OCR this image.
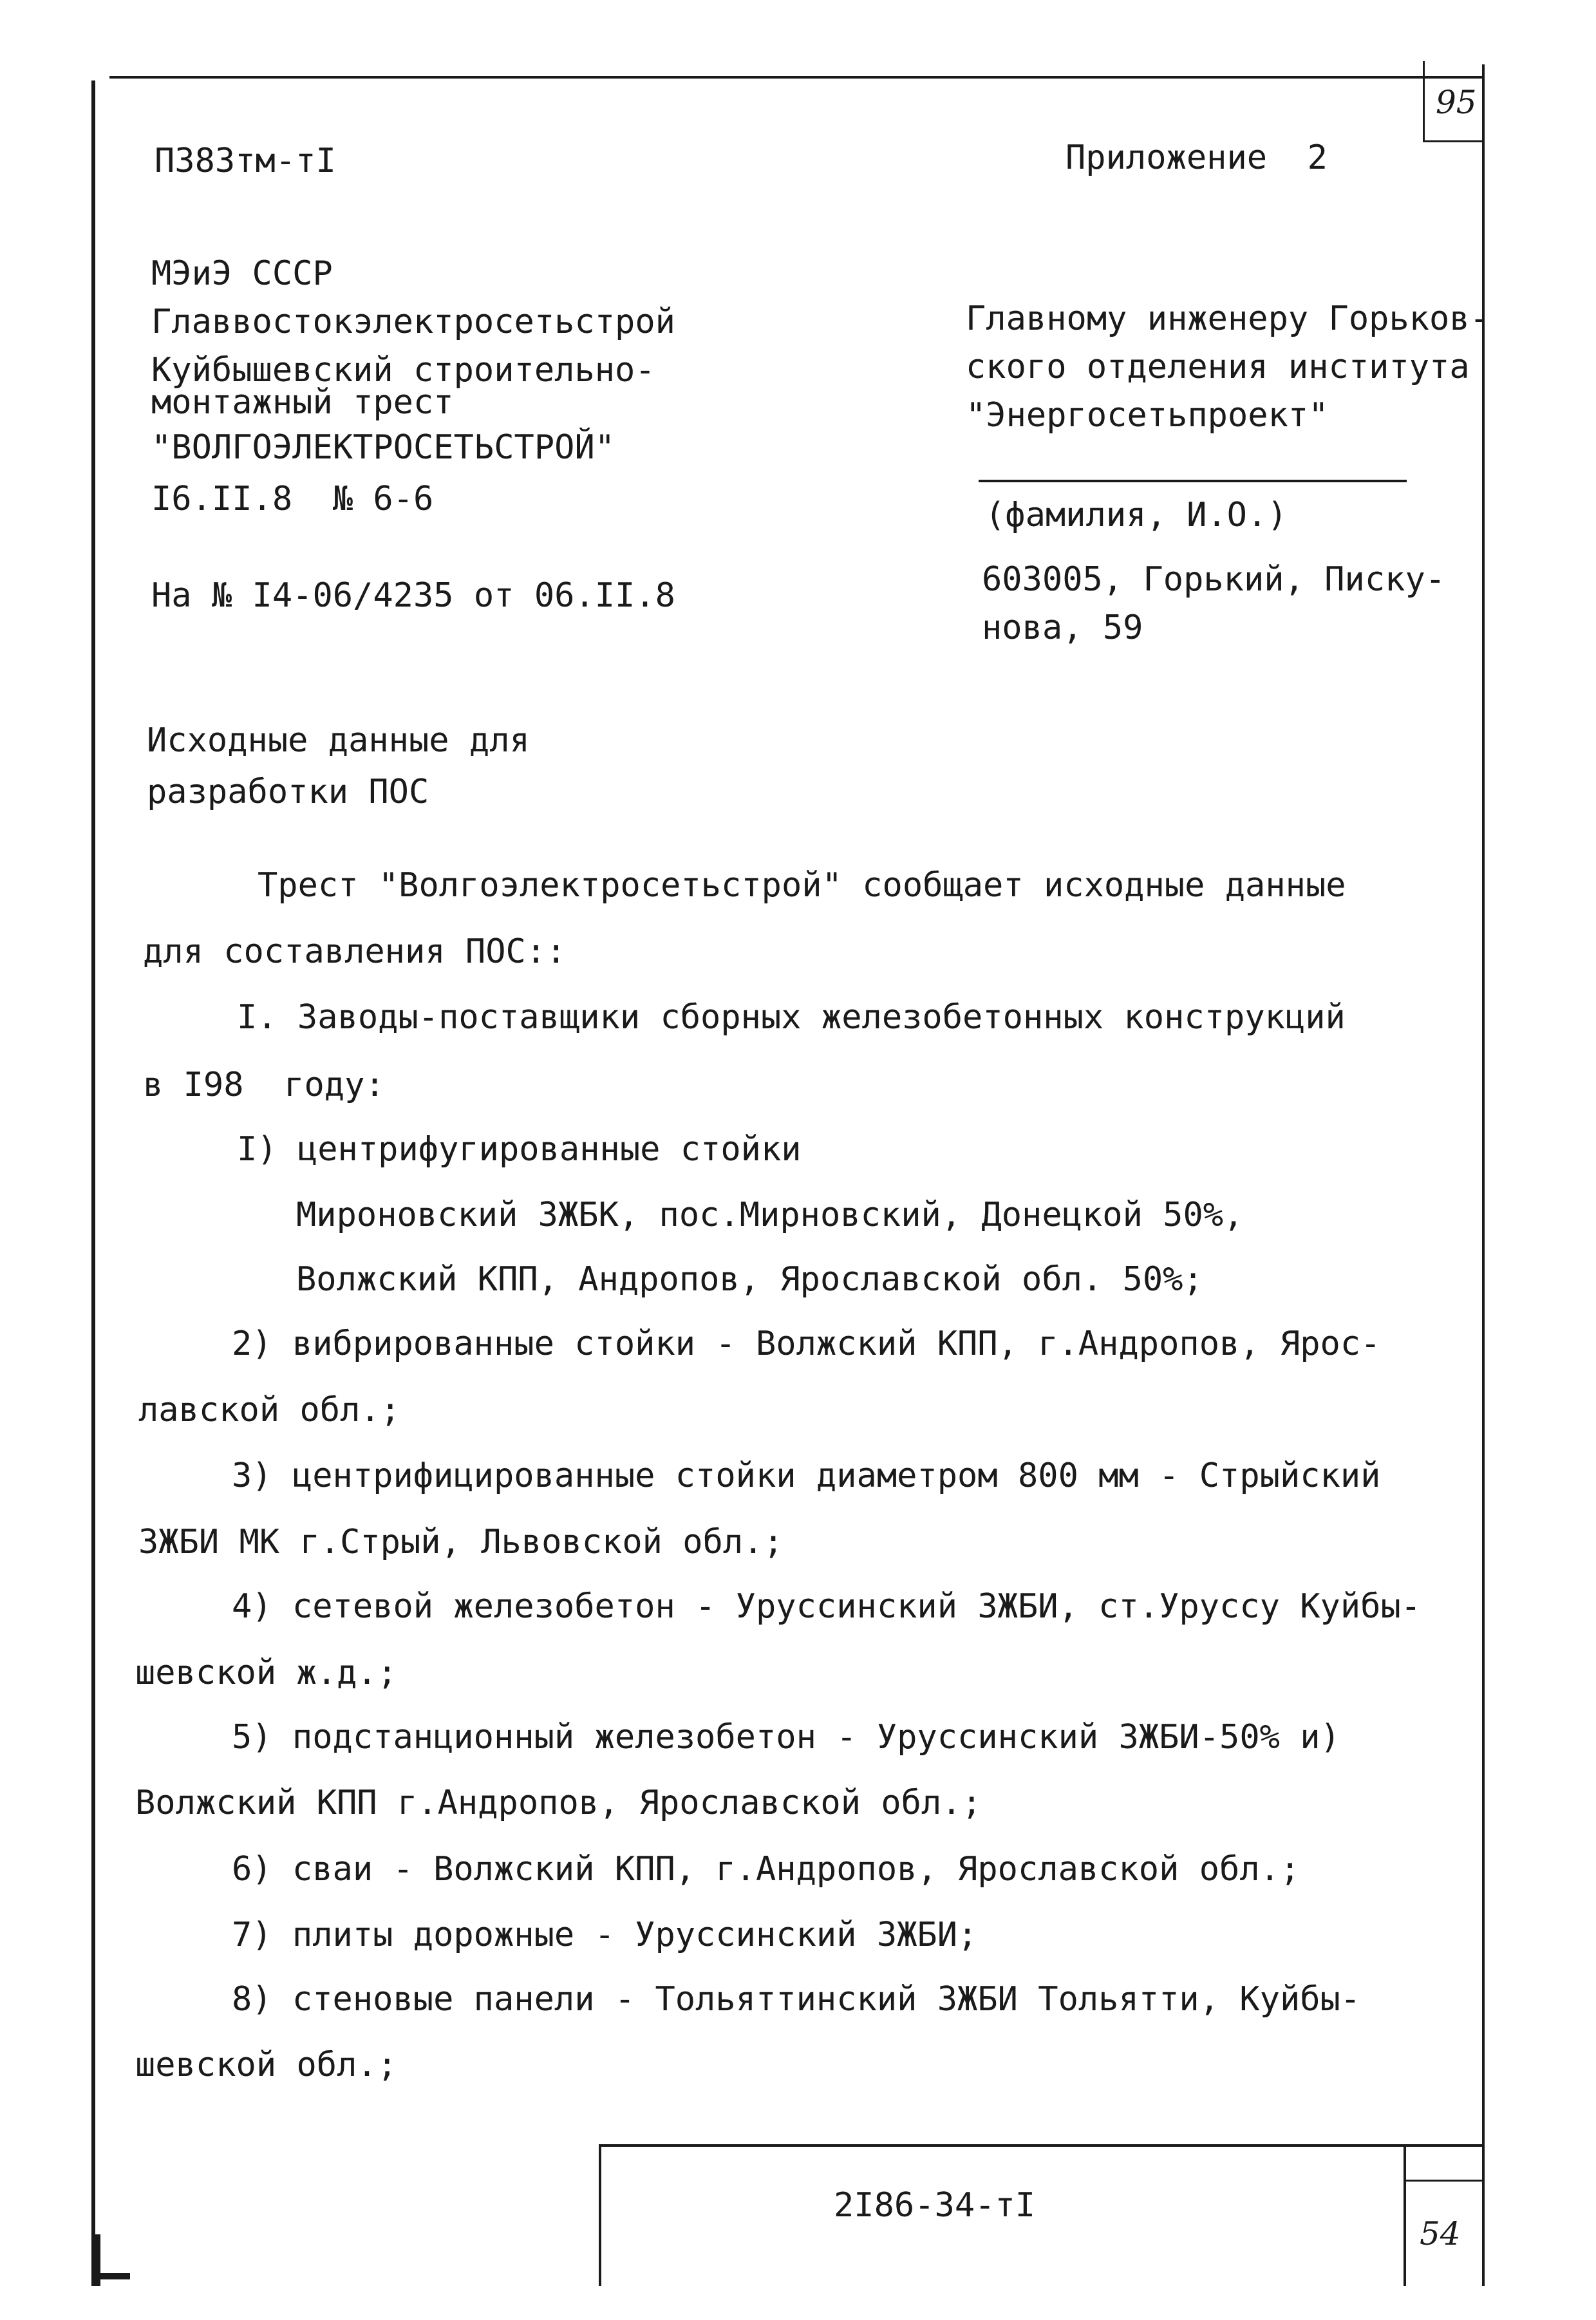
95
П383тм-тI	Приложение  2
МЭиЭ СССР
Главвостокэлектросетьстрой
Куйбышевский строительно-
монтажный трест
"ВОЛГОЭЛЕКТРОСЕТЬСТРОЙ"
I6.II.8  № 6-6
На № I4-06/4235 от 06.II.8
Главному инженеру Горьков-
ского отделения института
"Энергосетьпроект"
(фамилия, И.О.)
603005, Горький, Писку-
нова, 59
Исходные данные для
разработки ПОС
Трест "Волгоэлектросетьстрой" сообщает исходные данные
для составления ПОС::
I. Заводы-поставщики сборных железобетонных конструкций
в I98  году:
I) центрифугированные стойки
Мироновский ЗЖБК, пос.Мирновский, Донецкой 50%,
Волжский КПП, Андропов, Ярославской обл. 50%;
2) вибрированные стойки - Волжский КПП, г.Андропов, Ярос-
лавской обл.;
3) центрифицированные стойки диаметром 800 мм - Стрыйский
ЗЖБИ МК г.Стрый, Львовской обл.;
4) сетевой железобетон - Уруссинский ЗЖБИ, ст.Уруссу Куйбы-
шевской ж.д.;
5) подстанционный железобетон - Уруссинский ЗЖБИ-50% и)
Волжский КПП г.Андропов, Ярославской обл.;
6) сваи - Волжский КПП, г.Андропов, Ярославской обл.;
7) плиты дорожные - Уруссинский ЗЖБИ;
8) стеновые панели - Тольяттинский ЗЖБИ Тольятти, Куйбы-
шевской обл.;
2I86-34-тI
54
